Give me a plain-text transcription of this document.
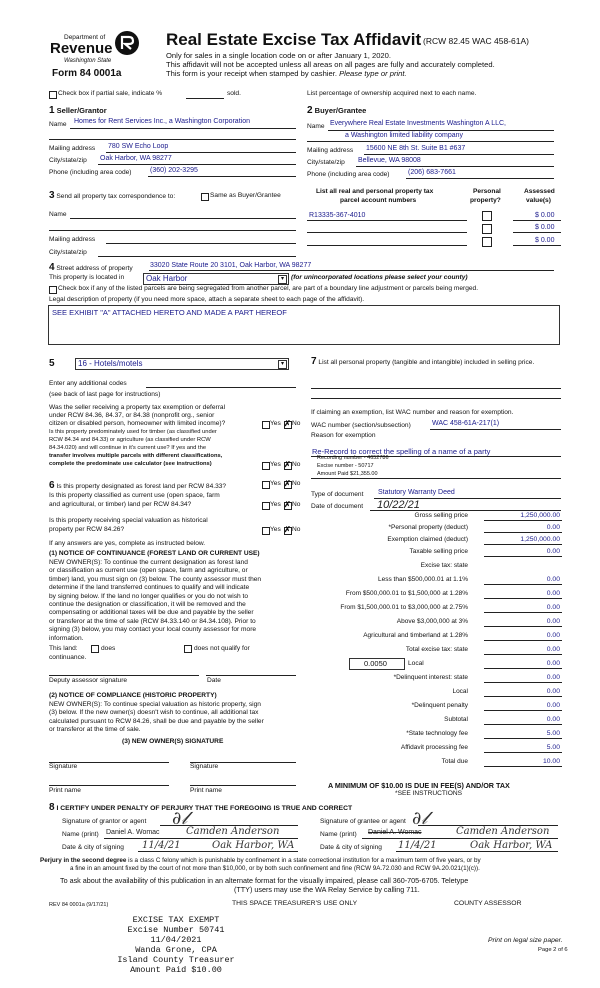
Department of
Revenue
Washington State
Form 84 0001a
Real Estate Excise Tax Affidavit (RCW 82.45 WAC 458-61A)
Only for sales in a single location code on or after January 1, 2020.
This affidavit will not be accepted unless all areas on all pages are fully and accurately completed.
This form is your receipt when stamped by cashier. Please type or print.
Check box if partial sale, indicate %	sold.	List percentage of ownership acquired next to each name.
1 Seller/Grantor
Name Homes for Rent Services Inc., a Washington Corporation
Mailing address 780 SW Echo Loop
City/state/zip Oak Harbor, WA 98277
Phone (including area code)	(360) 202-3295
2 Buyer/Grantee
Name Everywhere Real Estate Investments Washington A LLC,
a Washington limited liability company
Mailing address 15600 NE 8th St. Suite B1 #637
City/state/zip Bellevue, WA 98008
Phone (including area code)	(206) 683-7661
3 Send all property tax correspondence to:	Same as Buyer/Grantee
Name
Mailing address
City/state/zip
List all real and personal property tax
parcel account numbers
Personal
property?
Assessed
value(s)
R13335-367-4010	$ 0.00
$ 0.00
$ 0.00
4 Street address of property 33020 State Route 20 3101, Oak Harbor, WA 98277
This property is located in	Oak Harbor	▾	(for unincorporated locations please select your county)
Check box if any of the listed parcels are being segregated from another parcel, are part of a boundary line adjustment or parcels being merged.
Legal description of property (if you need more space, attach a separate sheet to each page of the affidavit).
SEE EXHIBIT "A" ATTACHED HERETO AND MADE A PART HEREOF
5	16 - Hotels/motels	▾
Enter any additional codes
(see back of last page for instructions)
Was the seller receiving a property tax exemption or deferral
under RCW 84.36, 84.37, or 84.38 (nonprofit org., senior
citizen or disabled person, homeowner with limited income)?	Yes ✗ No
Is this property predominately used for timber (as classified under
RCW 84.34 and 84.33) or agriculture (as classified under RCW
84.34.020) and will continue in it's current use? If yes and the
transfer involves multiple parcels with different classifications,
complete the predominate use calculator (see instructions)	Yes ✗ No
6 Is this property designated as forest land per RCW 84.33?	Yes ✗ No
Is this property classified as current use (open space, farm
and agricultural, or timber) land per RCW 84.34?	Yes ✗ No
Is this property receiving special valuation as historical
property per RCW 84.26?	Yes ✗ No
If any answers are yes, complete as instructed below.
(1) NOTICE OF CONTINUANCE (FOREST LAND OR CURRENT USE)
NEW OWNER(S): To continue the current designation as forest land
or classification as current use (open space, farm and agriculture, or
timber) land, you must sign on (3) below. The county assessor must then
determine if the land transferred continues to qualify and will indicate
by signing below. If the land no longer qualifies or you do not wish to
continue the designation or classification, it will be removed and the
compensating or additional taxes will be due and payable by the seller
or transferor at the time of sale (RCW 84.33.140 or 84.34.108). Prior to
signing (3) below, you may contact your local county assessor for more
information.
This land:	does	does not qualify for
continuance.
Deputy assessor signature	Date
(2) NOTICE OF COMPLIANCE (HISTORIC PROPERTY)
NEW OWNER(S): To continue special valuation as historic property, sign
(3) below. If the new owner(s) doesn't wish to continue, all additional tax
calculated pursuant to RCW 84.26, shall be due and payable by the seller
or transferor at the time of sale.
(3) NEW OWNER(S) SIGNATURE
Signature	Signature
Print name	Print name
7 List all personal property (tangible and intangible) included in selling price.
If claiming an exemption, list WAC number and reason for exemption.
WAC number (section/subsection)	WAC 458-61A-217(1)
Reason for exemption
Re-Record to correct the spelling of a name of a party
Recording number - 4652786
Excise number - 50717
Amount Paid $21,355.00
Type of document Statutory Warranty Deed
Date of document 10/22/21
Gross selling price	1,250,000.00
*Personal property (deduct)	0.00
Exemption claimed (deduct)	1,250,000.00
Taxable selling price	0.00
Excise tax: state
Less than $500,000.01 at 1.1%	0.00
From $500,000.01 to $1,500,000 at 1.28%	0.00
From $1,500,000.01 to $3,000,000 at 2.75%	0.00
Above $3,000,000 at 3%	0.00
Agricultural and timberland at 1.28%	0.00
Total excise tax: state	0.00
0.0050	Local	0.00
*Delinquent interest: state	0.00
Local	0.00
*Delinquent penalty	0.00
Subtotal	0.00
*State technology fee	5.00
Affidavit processing fee	5.00
Total due	10.00
A MINIMUM OF $10.00 IS DUE IN FEE(S) AND/OR TAX
*SEE INSTRUCTIONS
8 I CERTIFY UNDER PENALTY OF PERJURY THAT THE FOREGOING IS TRUE AND CORRECT
Signature of grantor or agent ∂𝓁
Name (print) Daniel A. Womac	Camden Anderson
Date & city of signing 11/4/21	Oak Harbor, WA
Signature of grantee or agent ∂𝓁
Name (print) Daniel A. Womac	Camden Anderson
Date & city of signing 11/4/21	Oak Harbor, WA
Perjury in the second degree is a class C felony which is punishable by confinement in a state correctional institution for a maximum term of five years, or by
a fine in an amount fixed by the court of not more than $10,000, or by both such confinement and fine (RCW 9A.72.030 and RCW 9A.20.021(1)(c)).
To ask about the availability of this publication in an alternate format for the visually impaired, please call 360-705-6705. Teletype
(TTY) users may use the WA Relay Service by calling 711.
REV 84 0001a (9/17/21)	THIS SPACE TREASURER'S USE ONLY	COUNTY ASSESSOR
EXCISE TAX EXEMPT
Excise Number 50741
11/04/2021
Wanda Grone, CPA
Island County Treasurer
Amount Paid $10.00
Print on legal size paper.
Page 2 of 6
